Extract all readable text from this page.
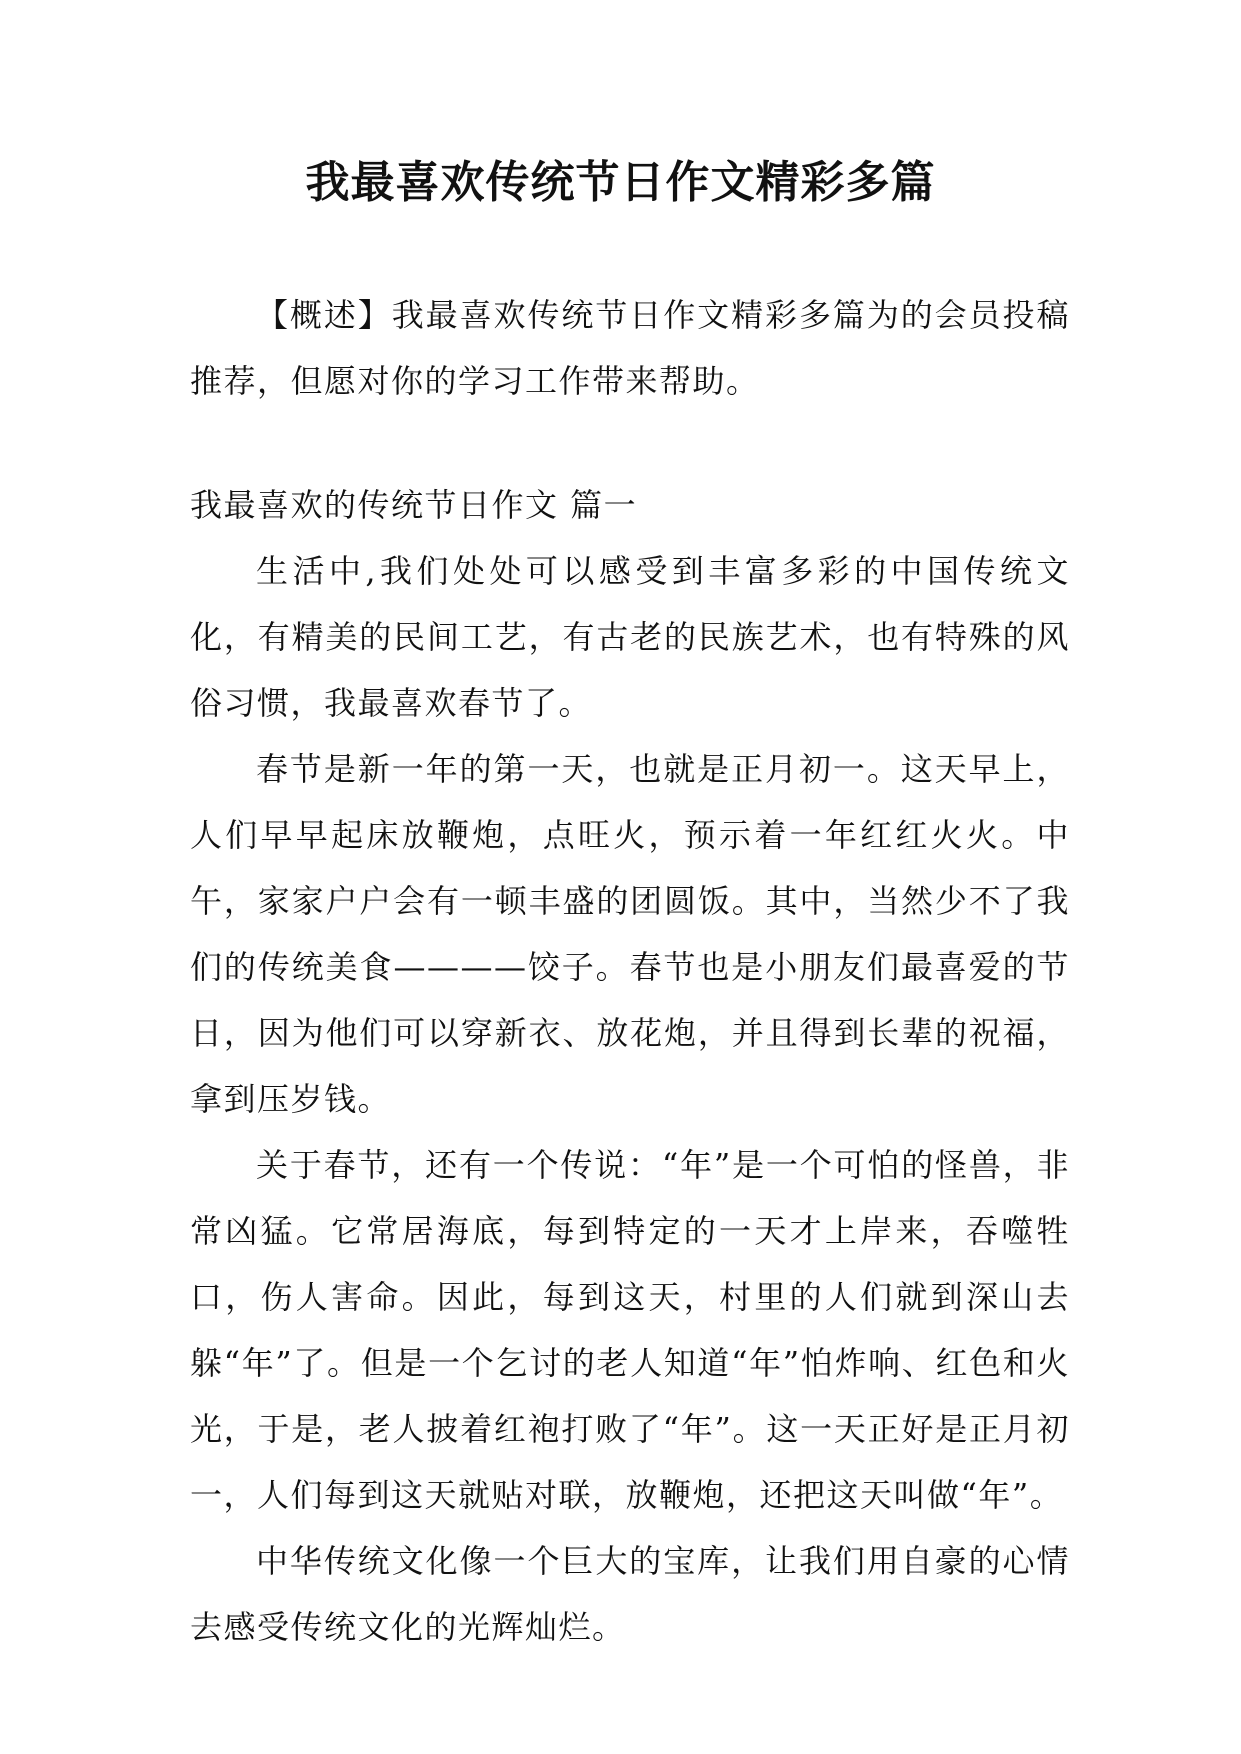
我最喜欢传统节日作文精彩多篇

【概述】我最喜欢传统节日作文精彩多篇为的会员投稿推荐，但愿对你的学习工作带来帮助。

我最喜欢的传统节日作文 篇一

生活中,我们处处可以感受到丰富多彩的中国传统文化，有精美的民间工艺，有古老的民族艺术，也有特殊的风俗习惯，我最喜欢春节了。

春节是新一年的第一天，也就是正月初一。这天早上，人们早早起床放鞭炮，点旺火，预示着一年红红火火。中午，家家户户会有一顿丰盛的团圆饭。其中，当然少不了我们的传统美食————饺子。春节也是小朋友们最喜爱的节日，因为他们可以穿新衣、放花炮，并且得到长辈的祝福，拿到压岁钱。

关于春节，还有一个传说：“年”是一个可怕的怪兽，非常凶猛。它常居海底，每到特定的一天才上岸来，吞噬牲口，伤人害命。因此，每到这天，村里的人们就到深山去躲“年”了。但是一个乞讨的老人知道“年”怕炸响、红色和火光，于是，老人披着红袍打败了“年”。这一天正好是正月初一，人们每到这天就贴对联，放鞭炮，还把这天叫做“年”。

中华传统文化像一个巨大的宝库，让我们用自豪的心情去感受传统文化的光辉灿烂。
